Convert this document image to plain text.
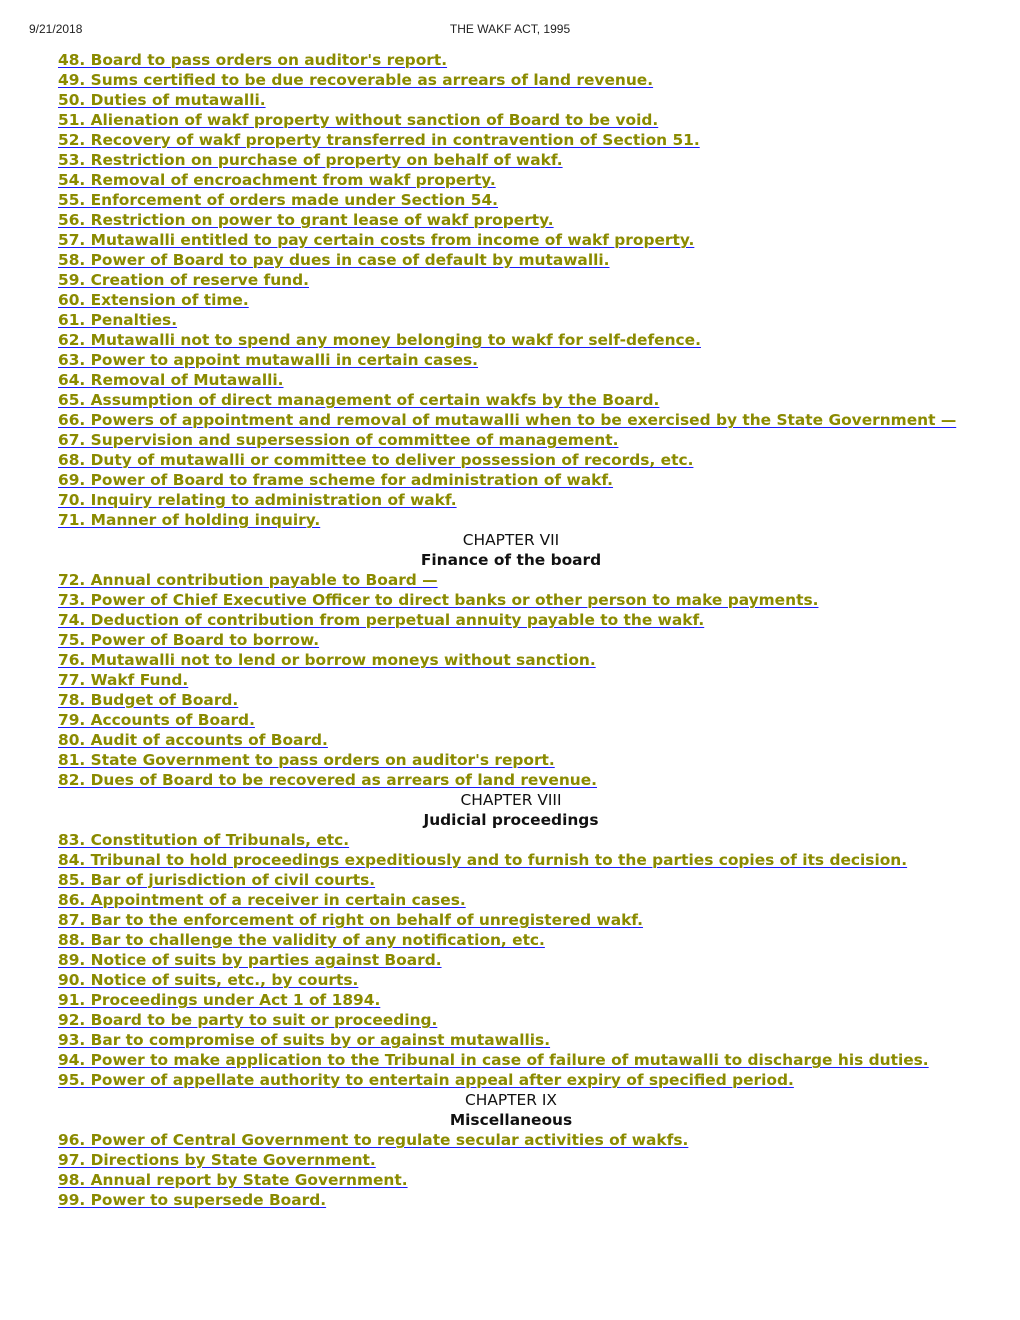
9/21/2018	THE WAKF ACT, 1995
48. Board to pass orders on auditor's report.
49. Sums certified to be due recoverable as arrears of land revenue.
50. Duties of mutawalli.
51. Alienation of wakf property without sanction of Board to be void.
52. Recovery of wakf property transferred in contravention of Section 51.
53. Restriction on purchase of property on behalf of wakf.
54. Removal of encroachment from wakf property.
55. Enforcement of orders made under Section 54.
56. Restriction on power to grant lease of wakf property.
57. Mutawalli entitled to pay certain costs from income of wakf property.
58. Power of Board to pay dues in case of default by mutawalli.
59. Creation of reserve fund.
60. Extension of time.
61. Penalties.
62. Mutawalli not to spend any money belonging to wakf for self-defence.
63. Power to appoint mutawalli in certain cases.
64. Removal of Mutawalli.
65. Assumption of direct management of certain wakfs by the Board.
66. Powers of appointment and removal of mutawalli when to be exercised by the State Government —
67. Supervision and supersession of committee of management.
68. Duty of mutawalli or committee to deliver possession of records, etc.
69. Power of Board to frame scheme for administration of wakf.
70. Inquiry relating to administration of wakf.
71. Manner of holding inquiry.
CHAPTER VII
Finance of the board
72. Annual contribution payable to Board —
73. Power of Chief Executive Officer to direct banks or other person to make payments.
74. Deduction of contribution from perpetual annuity payable to the wakf.
75. Power of Board to borrow.
76. Mutawalli not to lend or borrow moneys without sanction.
77. Wakf Fund.
78. Budget of Board.
79. Accounts of Board.
80. Audit of accounts of Board.
81. State Government to pass orders on auditor's report.
82. Dues of Board to be recovered as arrears of land revenue.
CHAPTER VIII
Judicial proceedings
83. Constitution of Tribunals, etc.
84. Tribunal to hold proceedings expeditiously and to furnish to the parties copies of its decision.
85. Bar of jurisdiction of civil courts.
86. Appointment of a receiver in certain cases.
87. Bar to the enforcement of right on behalf of unregistered wakf.
88. Bar to challenge the validity of any notification, etc.
89. Notice of suits by parties against Board.
90. Notice of suits, etc., by courts.
91. Proceedings under Act 1 of 1894.
92. Board to be party to suit or proceeding.
93. Bar to compromise of suits by or against mutawallis.
94. Power to make application to the Tribunal in case of failure of mutawalli to discharge his duties.
95. Power of appellate authority to entertain appeal after expiry of specified period.
CHAPTER IX
Miscellaneous
96. Power of Central Government to regulate secular activities of wakfs.
97. Directions by State Government.
98. Annual report by State Government.
99. Power to supersede Board.
